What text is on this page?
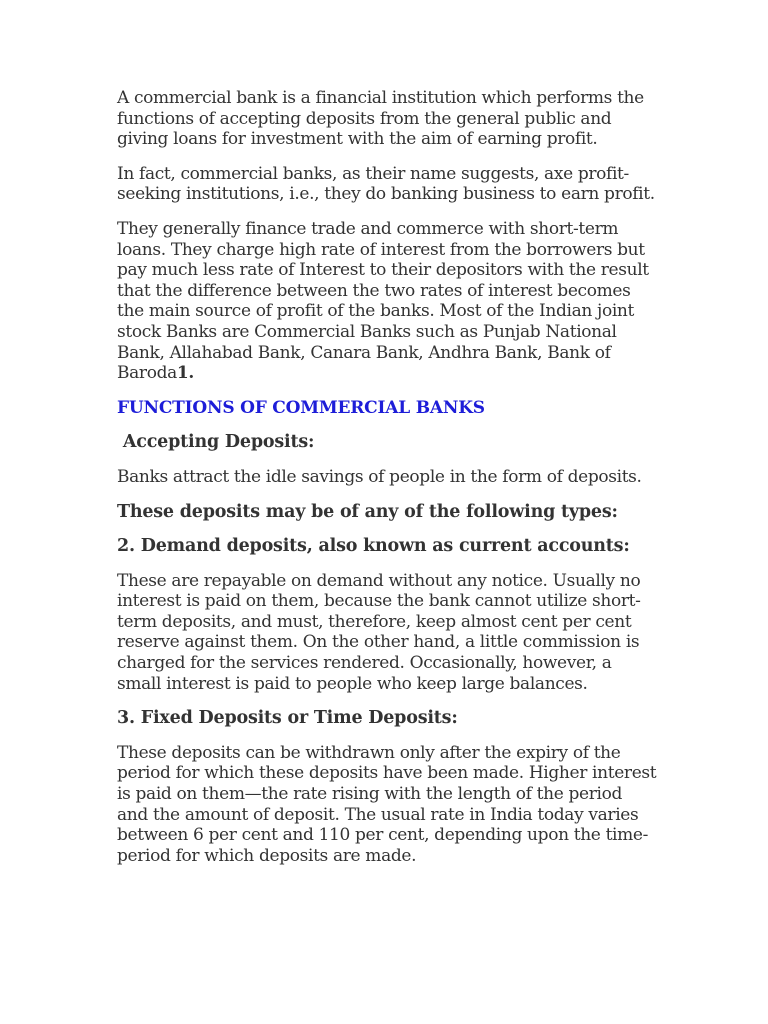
A commercial bank is a financial institution which performs the functions of accepting deposits from the general public and giving loans for investment with the aim of earning profit.

In fact, commercial banks, as their name suggests, axe profit-seeking institutions, i.e., they do banking business to earn profit.

They generally finance trade and commerce with short-term loans. They charge high rate of interest from the borrowers but pay much less rate of Interest to their depositors with the result that the difference between the two rates of interest becomes the main source of profit of the banks. Most of the Indian joint stock Banks are Commercial Banks such as Punjab National Bank, Allahabad Bank, Canara Bank, Andhra Bank, Bank of Baroda1.

FUNCTIONS OF COMMERCIAL BANKS

Accepting Deposits:

Banks attract the idle savings of people in the form of deposits.

These deposits may be of any of the following types:

2. Demand deposits, also known as current accounts:

These are repayable on demand without any notice. Usually no interest is paid on them, because the bank cannot utilize short-term deposits, and must, therefore, keep almost cent per cent reserve against them. On the other hand, a little commission is charged for the services rendered. Occasionally, however, a small interest is paid to people who keep large balances.

3. Fixed Deposits or Time Deposits:

These deposits can be withdrawn only after the expiry of the period for which these deposits have been made. Higher interest is paid on them—the rate rising with the length of the period and the amount of deposit. The usual rate in India today varies between 6 per cent and 110 per cent, depending upon the time-period for which deposits are made.
